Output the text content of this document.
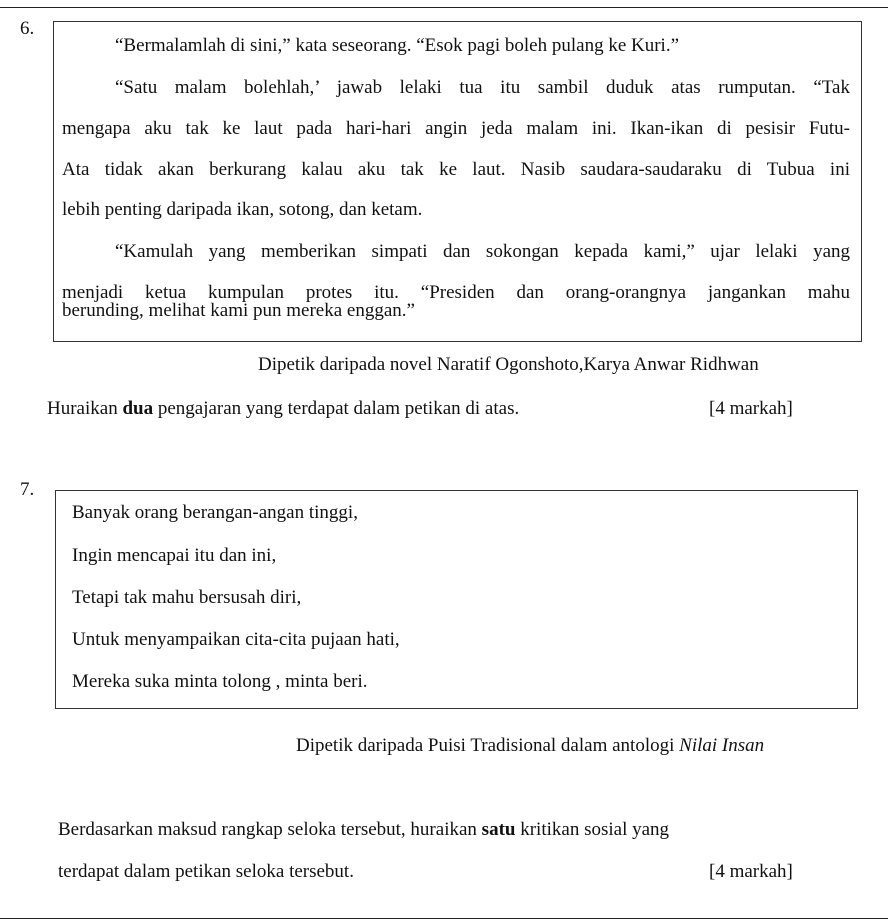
6.
“Bermalamlah di sini,” kata seseorang. “Esok pagi boleh pulang ke Kuri.”
“Satu malam bolehlah,’ jawab lelaki tua itu sambil duduk atas rumputan. “Tak
mengapa aku tak ke laut pada hari-hari angin jeda malam ini. Ikan-ikan di pesisir Futu-
Ata tidak akan berkurang kalau aku tak ke laut. Nasib saudara-saudaraku di Tubua ini
lebih penting daripada ikan, sotong, dan ketam.
“Kamulah yang memberikan simpati dan sokongan kepada kami,” ujar lelaki yang
menjadi ketua kumpulan protes itu. “Presiden dan orang-orangnya jangankan mahu
berunding, melihat kami pun mereka enggan.”
Dipetik daripada novel Naratif Ogonshoto,Karya Anwar Ridhwan
Huraikan dua pengajaran yang terdapat dalam petikan di atas.	[4 markah]
7.
Banyak orang berangan-angan tinggi,
Ingin mencapai itu dan ini,
Tetapi tak mahu bersusah diri,
Untuk menyampaikan cita-cita pujaan hati,
Mereka suka minta tolong , minta beri.
Dipetik daripada Puisi Tradisional dalam antologi Nilai Insan
Berdasarkan maksud rangkap seloka tersebut, huraikan satu kritikan sosial yang
terdapat dalam petikan seloka tersebut.	[4 markah]
